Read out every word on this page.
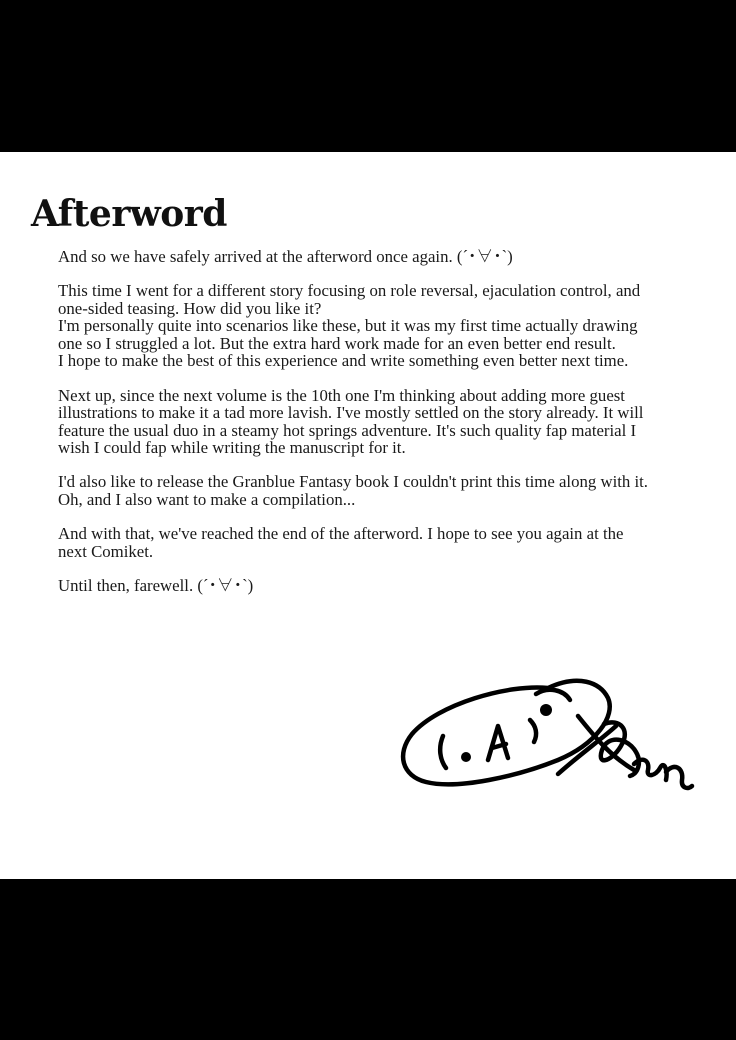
Afterword

And so we have safely arrived at the afterword once again. (´･∀･`)

This time I went for a different story focusing on role reversal, ejaculation control, and
one-sided teasing. How did you like it?
I'm personally quite into scenarios like these, but it was my first time actually drawing
one so I struggled a lot. But the extra hard work made for an even better end result.
I hope to make the best of this experience and write something even better next time.

Next up, since the next volume is the 10th one I'm thinking about adding more guest
illustrations to make it a tad more lavish. I've mostly settled on the story already. It will
feature the usual duo in a steamy hot springs adventure. It's such quality fap material I
wish I could fap while writing the manuscript for it.

I'd also like to release the Granblue Fantasy book I couldn't print this time along with it.
Oh, and I also want to make a compilation...

And with that, we've reached the end of the afterword. I hope to see you again at the
next Comiket.

Until then, farewell. (´･∀･`)
